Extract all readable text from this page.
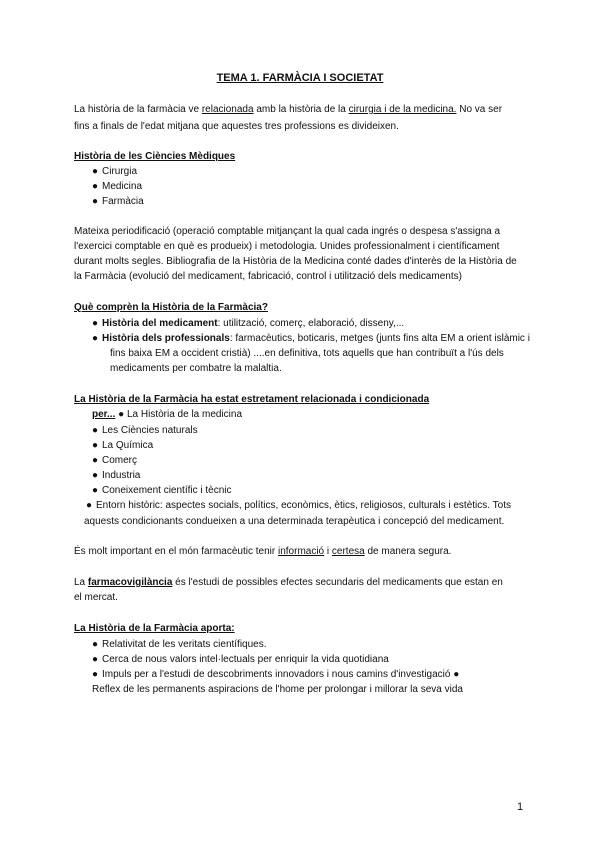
TEMA 1. FARMÀCIA I SOCIETAT
La història de la farmàcia ve relacionada amb la història de la cirurgia i de la medicina. No va ser
fins a finals de l'edat mitjana que aquestes tres professions es divideixen.
Història de les Ciències Mèdiques
● Cirurgia
● Medicina
● Farmàcia
Mateixa periodificació (operació comptable mitjançant la qual cada ingrés o despesa s'assigna a
l'exercici comptable en què es produeix) i metodologia. Unides professionalment i científicament
durant molts segles. Bibliografia de la Història de la Medicina conté dades d'interès de la Història de
la Farmàcia (evolució del medicament, fabricació, control i utilització dels medicaments)
Què comprèn la Història de la Farmàcia?
● Història del medicament: utilització, comerç, elaboració, disseny,...
● Història dels professionals: farmacèutics, boticaris, metges (junts fins alta EM a orient islàmic i
fins baixa EM a occident cristià) ....en definitiva, tots aquells que han contribuït a l'ús dels
medicaments per combatre la malaltia.
La Història de la Farmàcia ha estat estretament relacionada i condicionada
per... ● La Història de la medicina
● Les Ciències naturals
● La Química
● Comerç
● Industria
● Coneixement científic i tècnic
● Entorn històric: aspectes socials, polítics, econòmics, ètics, religiosos, culturals i estètics. Tots
aquests condicionants condueixen a una determinada terapèutica i concepció del medicament.
És molt important en el món farmacèutic tenir informació i certesa de manera segura.
La farmacovigilància és l'estudi de possibles efectes secundaris del medicaments que estan en
el mercat.
La Història de la Farmàcia aporta:
● Relativitat de les veritats científiques.
● Cerca de nous valors intel·lectuals per enriquir la vida quotidiana
● Impuls per a l'estudi de descobriments innovadors i nous camins d'investigació ●
Reflex de les permanents aspiracions de l'home per prolongar i millorar la seva vida
1
